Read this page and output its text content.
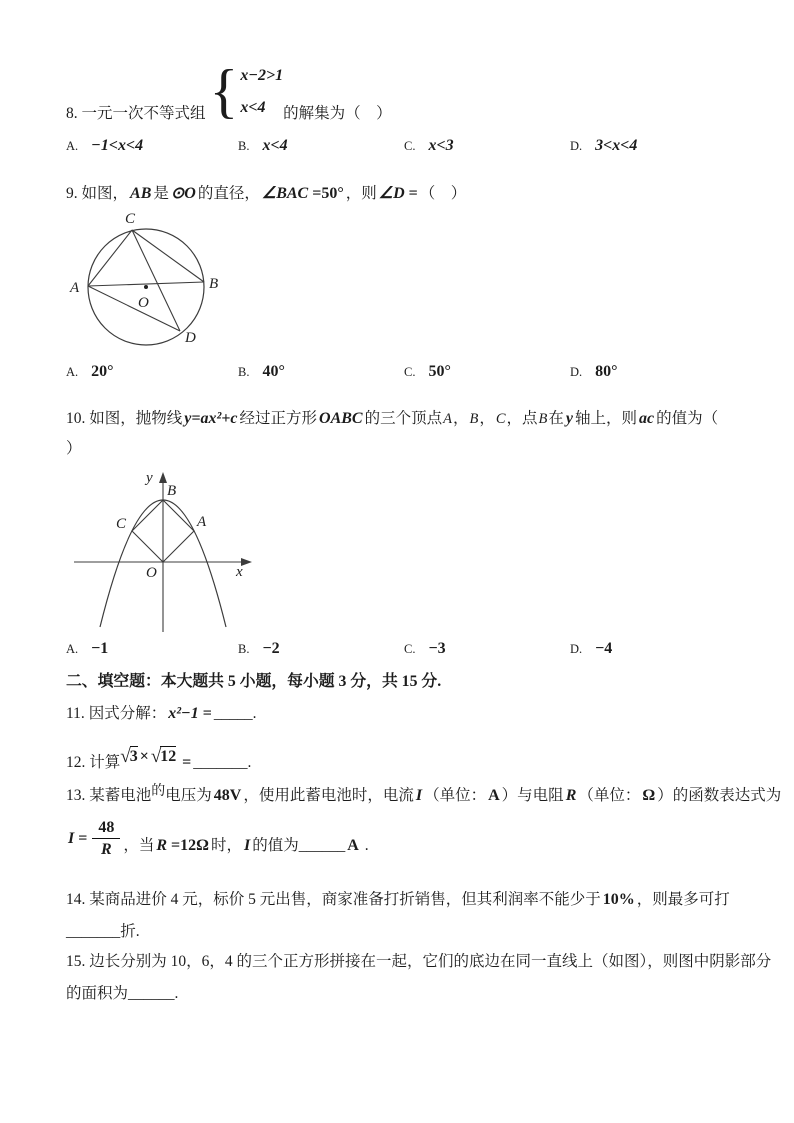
8. 一元一次不等式组 { x−2>1
x<4	的解集为（　）
A. −1<x<4	B. x<4	C. x<3	D. 3<x<4
9. 如图， AB 是 ⊙O 的直径， ∠BAC =50° ，则 ∠D = （　）
A	B
C
D
O
A. 20°	B. 40°	C. 50°	D. 80°
10. 如图，抛物线 y=ax²+c 经过正方形 OABC 的三个顶点A，B，C，点B在 y 轴上，则 ac 的值为（
）
y
x
B
C	A
O
A. −1	B. −2	C. −3	D. −4
二、填空题：本大题共 5 小题，每小题 3 分，共 15 分.
11. 因式分解： x²−1 = _____.
12. 计算√3 × √12 = _______.
13. 某蓄电池的电压为 48V ，使用此蓄电池时，电流 I （单位： A ）与电阻 R （单位： Ω ）的函数表达式为
$I = \frac{48}{R}$ ，当 R =12Ω 时， I 的值为______ A .
14. 某商品进价 4 元，标价 5 元出售，商家准备打折销售，但其利润率不能少于 10% ，则最多可打
_______折.
15. 边长分别为 10，6，4 的三个正方形拼接在一起，它们的底边在同一直线上（如图），则图中阴影部分
的面积为______.
